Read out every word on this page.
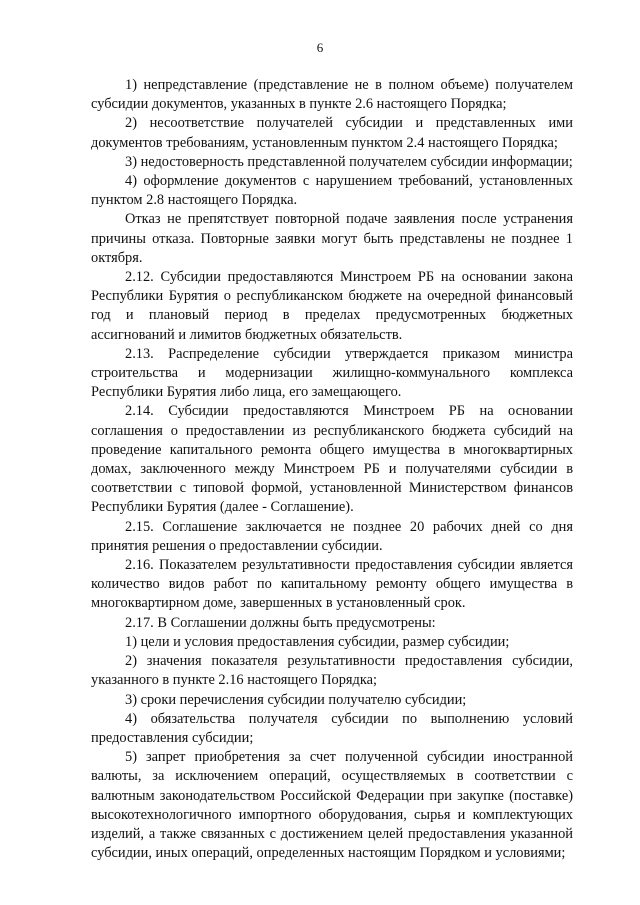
6

1) непредставление (представление не в полном объеме) получателем субсидии документов, указанных в пункте 2.6 настоящего Порядка;

2) несоответствие получателей субсидии и представленных ими документов требованиям, установленным пунктом 2.4 настоящего Порядка;

3) недостоверность представленной получателем субсидии информации;

4) оформление документов с нарушением требований, установленных пунктом 2.8 настоящего Порядка.

Отказ не препятствует повторной подаче заявления после устранения причины отказа. Повторные заявки могут быть представлены не позднее 1 октября.

2.12. Субсидии предоставляются Минстроем РБ на основании закона Республики Бурятия о республиканском бюджете на очередной финансовый год и плановый период в пределах предусмотренных бюджетных ассигнований и лимитов бюджетных обязательств.

2.13. Распределение субсидии утверждается приказом министра строительства и модернизации жилищно-коммунального комплекса Республики Бурятия либо лица, его замещающего.

2.14. Субсидии предоставляются Минстроем РБ на основании соглашения о предоставлении из республиканского бюджета субсидий на проведение капитального ремонта общего имущества в многоквартирных домах, заключенного между Минстроем РБ и получателями субсидии в соответствии с типовой формой, установленной Министерством финансов Республики Бурятия (далее - Соглашение).

2.15. Соглашение заключается не позднее 20 рабочих дней со дня принятия решения о предоставлении субсидии.

2.16. Показателем результативности предоставления субсидии является количество видов работ по капитальному ремонту общего имущества в многоквартирном доме, завершенных в установленный срок.

2.17. В Соглашении должны быть предусмотрены:

1) цели и условия предоставления субсидии, размер субсидии;

2) значения показателя результативности предоставления субсидии, указанного в пункте 2.16 настоящего Порядка;

3) сроки перечисления субсидии получателю субсидии;

4) обязательства получателя субсидии по выполнению условий предоставления субсидии;

5) запрет приобретения за счет полученной субсидии иностранной валюты, за исключением операций, осуществляемых в соответствии с валютным законодательством Российской Федерации при закупке (поставке) высокотехнологичного импортного оборудования, сырья и комплектующих изделий, а также связанных с достижением целей предоставления указанной субсидии, иных операций, определенных настоящим Порядком и условиями;
